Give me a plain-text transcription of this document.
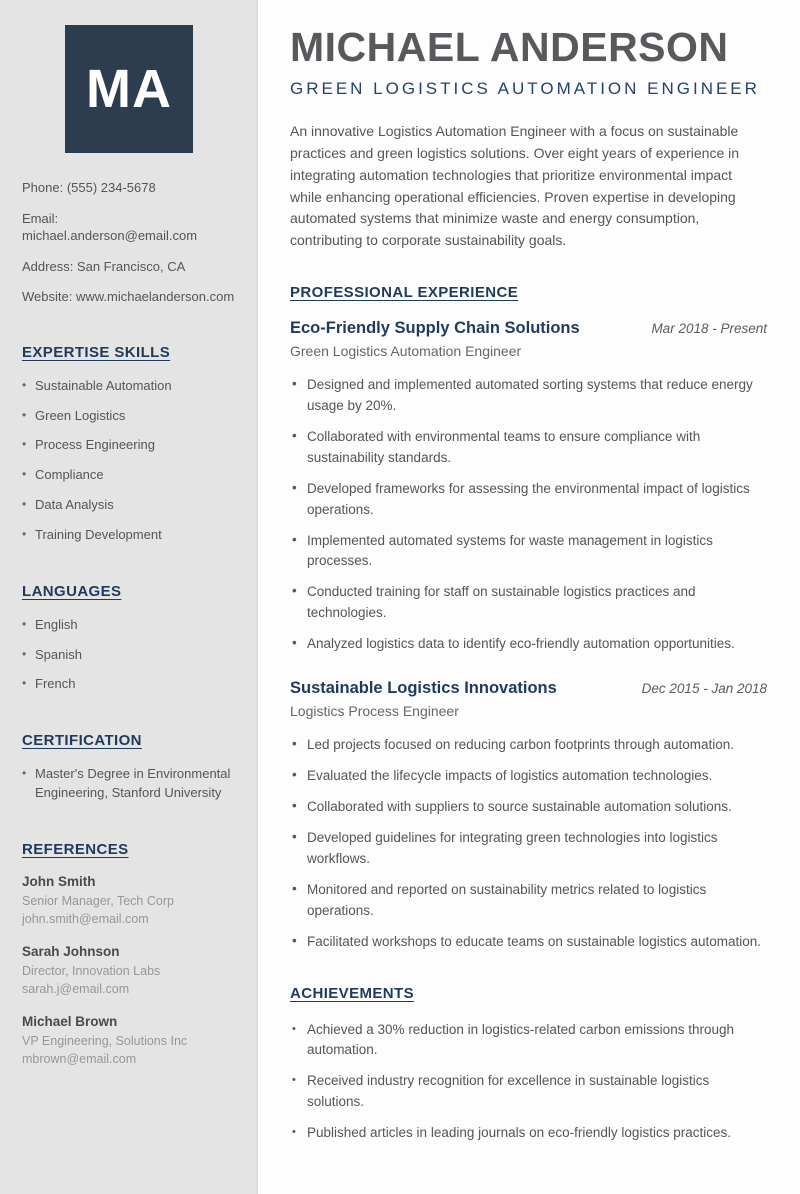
MA
Phone: (555) 234-5678
Email: michael.anderson@email.com
Address: San Francisco, CA
Website: www.michaelanderson.com
EXPERTISE SKILLS
• Sustainable Automation
• Green Logistics
• Process Engineering
• Compliance
• Data Analysis
• Training Development
LANGUAGES
• English
• Spanish
• French
CERTIFICATION
• Master's Degree in Environmental Engineering, Stanford University
REFERENCES
John Smith
Senior Manager, Tech Corp
john.smith@email.com
Sarah Johnson
Director, Innovation Labs
sarah.j@email.com
Michael Brown
VP Engineering, Solutions Inc
mbrown@email.com
MICHAEL ANDERSON
GREEN LOGISTICS AUTOMATION ENGINEER

An innovative Logistics Automation Engineer with a focus on sustainable practices and green logistics solutions. Over eight years of experience in integrating automation technologies that prioritize environmental impact while enhancing operational efficiencies. Proven expertise in developing automated systems that minimize waste and energy consumption, contributing to corporate sustainability goals.

PROFESSIONAL EXPERIENCE
Eco-Friendly Supply Chain Solutions	Mar 2018 - Present
Green Logistics Automation Engineer
• Designed and implemented automated sorting systems that reduce energy usage by 20%.
• Collaborated with environmental teams to ensure compliance with sustainability standards.
• Developed frameworks for assessing the environmental impact of logistics operations.
• Implemented automated systems for waste management in logistics processes.
• Conducted training for staff on sustainable logistics practices and technologies.
• Analyzed logistics data to identify eco-friendly automation opportunities.
Sustainable Logistics Innovations	Dec 2015 - Jan 2018
Logistics Process Engineer
• Led projects focused on reducing carbon footprints through automation.
• Evaluated the lifecycle impacts of logistics automation technologies.
• Collaborated with suppliers to source sustainable automation solutions.
• Developed guidelines for integrating green technologies into logistics workflows.
• Monitored and reported on sustainability metrics related to logistics operations.
• Facilitated workshops to educate teams on sustainable logistics automation.
ACHIEVEMENTS
• Achieved a 30% reduction in logistics-related carbon emissions through automation.
• Received industry recognition for excellence in sustainable logistics solutions.
• Published articles in leading journals on eco-friendly logistics practices.
